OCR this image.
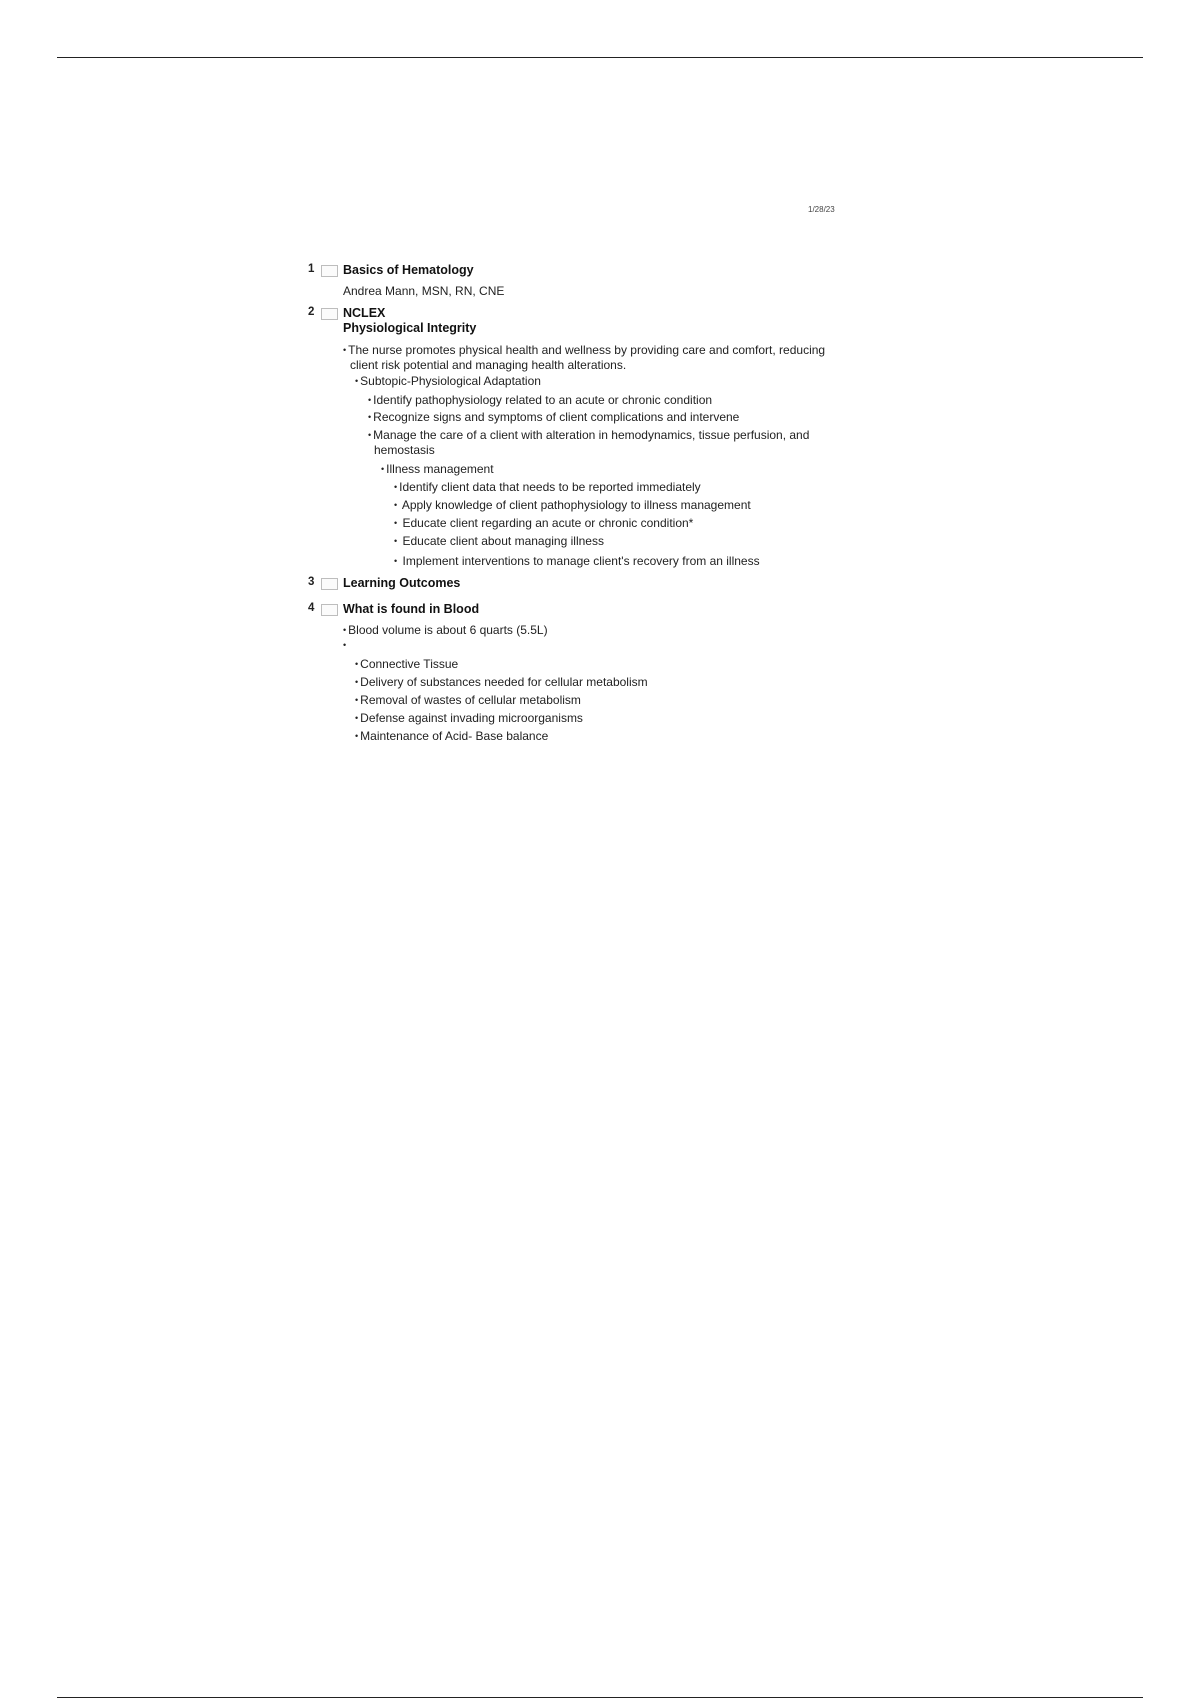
1/28/23
1 Basics of Hematology
Andrea Mann, MSN, RN, CNE
2 NCLEX
Physiological Integrity
• The nurse promotes physical health and wellness by providing care and comfort, reducing
client risk potential and managing health alterations.
• Subtopic-Physiological Adaptation
• Identify pathophysiology related to an acute or chronic condition
• Recognize signs and symptoms of client complications and intervene
• Manage the care of a client with alteration in hemodynamics, tissue perfusion, and
hemostasis
• Illness management
• Identify client data that needs to be reported immediately
• Apply knowledge of client pathophysiology to illness management
• Educate client regarding an acute or chronic condition*
• Educate client about managing illness
• Implement interventions to manage client's recovery from an illness
3 Learning Outcomes
4 What is found in Blood
• Blood volume is about 6 quarts (5.5L)
•
• Connective Tissue
• Delivery of substances needed for cellular metabolism
• Removal of wastes of cellular metabolism
• Defense against invading microorganisms
• Maintenance of Acid- Base balance
